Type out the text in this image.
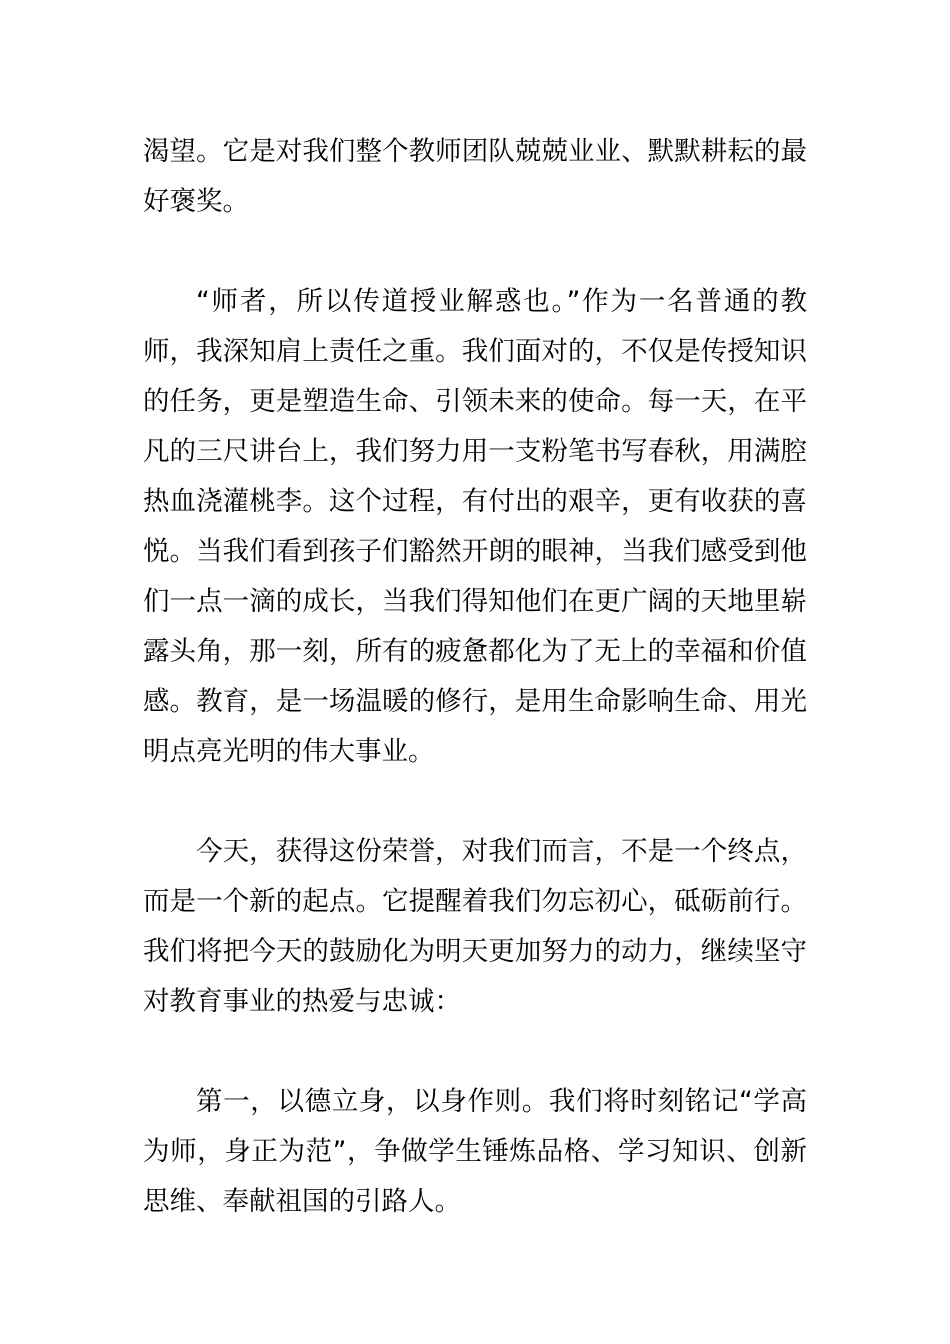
渴望。它是对我们整个教师团队兢兢业业、默默耕耘的最好褒奖。

“师者，所以传道授业解惑也。”作为一名普通的教师，我深知肩上责任之重。我们面对的，不仅是传授知识的任务，更是塑造生命、引领未来的使命。每一天，在平凡的三尺讲台上，我们努力用一支粉笔书写春秋，用满腔热血浇灌桃李。这个过程，有付出的艰辛，更有收获的喜悦。当我们看到孩子们豁然开朗的眼神，当我们感受到他们一点一滴的成长，当我们得知他们在更广阔的天地里崭露头角，那一刻，所有的疲惫都化为了无上的幸福和价值感。教育，是一场温暖的修行，是用生命影响生命、用光明点亮光明的伟大事业。

今天，获得这份荣誉，对我们而言，不是一个终点，而是一个新的起点。它提醒着我们勿忘初心，砥砺前行。我们将把今天的鼓励化为明天更加努力的动力，继续坚守对教育事业的热爱与忠诚：

第一，以德立身，以身作则。我们将时刻铭记“学高为师，身正为范”，争做学生锤炼品格、学习知识、创新思维、奉献祖国的引路人。
